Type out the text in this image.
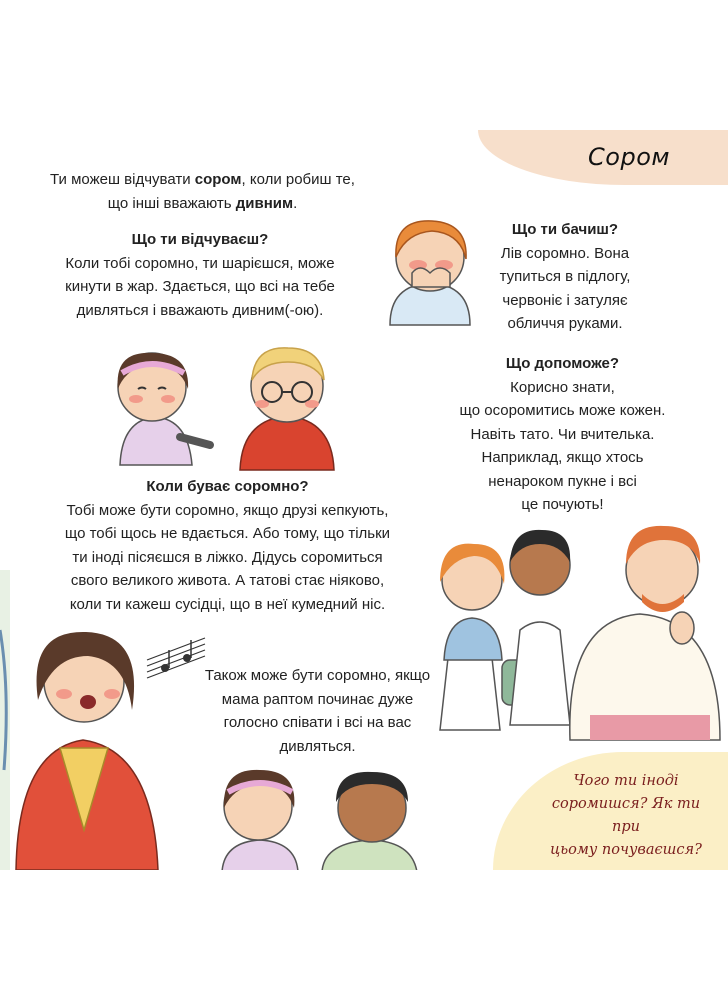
Сором
Ти можеш відчувати сором, коли робиш те,
що інші вважають дивним.
Що ти відчуваєш?
Коли тобі соромно, ти шарієшся, може
кинути в жар. Здається, що всі на тебе
дивляться і вважають дивним(-ою).
Що ти бачиш?
Лів соромно. Вона
тупиться в підлогу,
червоніє і затуляє
обличчя руками.
Що допоможе?
Корисно знати,
що осоромитись може кожен.
Навіть тато. Чи вчителька.
Наприклад, якщо хтось
ненароком пукне і всі
це почують!
Коли буває соромно?
Тобі може бути соромно, якщо друзі кепкують,
що тобі щось не вдається. Або тому, що тільки
ти іноді пісяєшся в ліжко. Дідусь соромиться
свого великого живота. А татові стає ніяково,
коли ти кажеш сусідці, що в неї кумедний ніс.
Також може бути соромно, якщо
мама раптом починає дуже
голосно співати і всі на вас
дивляться.
Чого ти іноді
соромишся? Як ти при
цьому почуваєшся?
